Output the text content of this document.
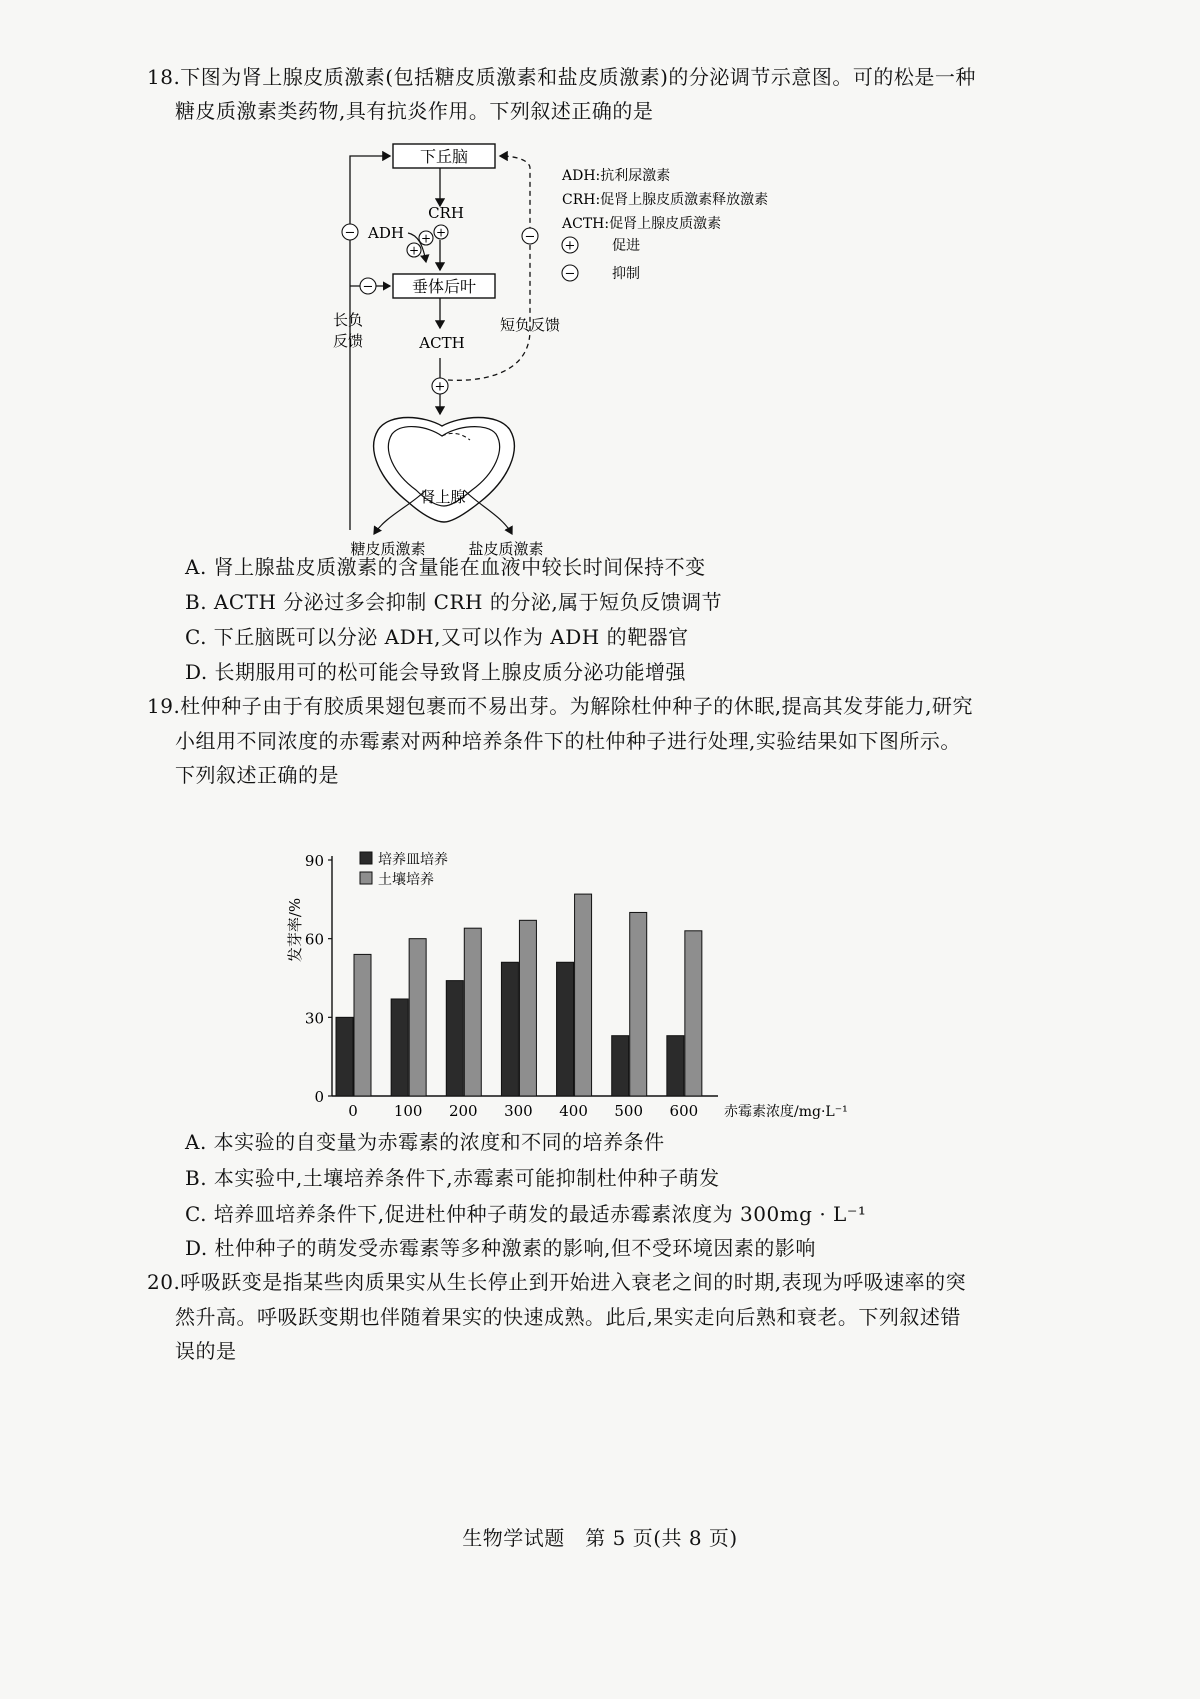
18.下图为肾上腺皮质激素(包括糖皮质激素和盐皮质激素)的分泌调节示意图。可的松是一种
糖皮质激素类药物,具有抗炎作用。下列叙述正确的是
下丘脑
CRH
ADH +
+
+
垂体后叶
−
ACTH
+
−
长负
反馈
−
短负反馈
肾上腺
糖皮质激素	盐皮质激素
ADH:抗利尿激素
CRH:促肾上腺皮质激素释放激素
ACTH:促肾上腺皮质激素
+	促进
−	抑制
A. 肾上腺盐皮质激素的含量能在血液中较长时间保持不变
B. ACTH 分泌过多会抑制 CRH 的分泌,属于短负反馈调节
C. 下丘脑既可以分泌 ADH,又可以作为 ADH 的靶器官
D. 长期服用可的松可能会导致肾上腺皮质分泌功能增强
19.杜仲种子由于有胶质果翅包裹而不易出芽。为解除杜仲种子的休眠,提高其发芽能力,研究
小组用不同浓度的赤霉素对两种培养条件下的杜仲种子进行处理,实验结果如下图所示。
下列叙述正确的是
0
30
60
90
发芽率/%
0 100 200 300 400 500 600 赤霉素浓度/mg·L⁻¹
培养皿培养
土壤培养
A. 本实验的自变量为赤霉素的浓度和不同的培养条件
B. 本实验中,土壤培养条件下,赤霉素可能抑制杜仲种子萌发
C. 培养皿培养条件下,促进杜仲种子萌发的最适赤霉素浓度为 300mg · L⁻¹
D. 杜仲种子的萌发受赤霉素等多种激素的影响,但不受环境因素的影响
20.呼吸跃变是指某些肉质果实从生长停止到开始进入衰老之间的时期,表现为呼吸速率的突
然升高。呼吸跃变期也伴随着果实的快速成熟。此后,果实走向后熟和衰老。下列叙述错
误的是
生物学试题　第 5 页(共 8 页)
